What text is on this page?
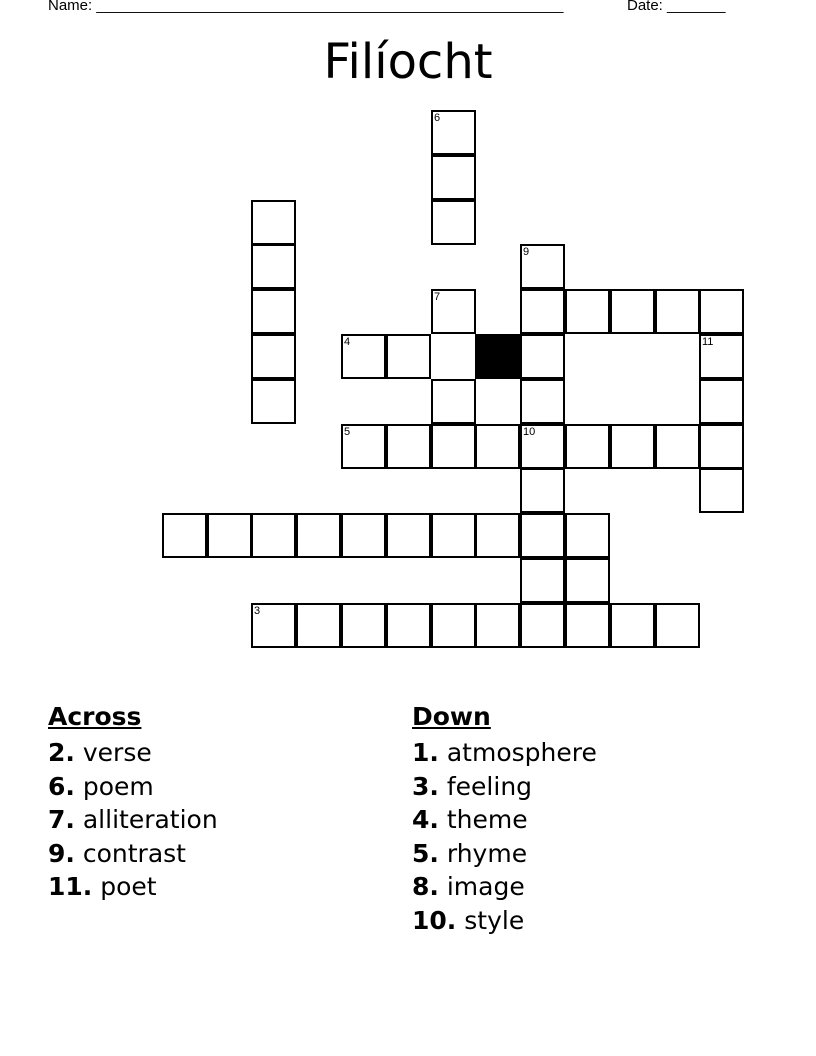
Name: ________________________________________________________	Date: _______
Filíocht
3
4
5
6
7
9
10
11
Across
2. verse
6. poem
7. alliteration
9. contrast
11. poet
Down
1. atmosphere
3. feeling
4. theme
5. rhyme
8. image
10. style
